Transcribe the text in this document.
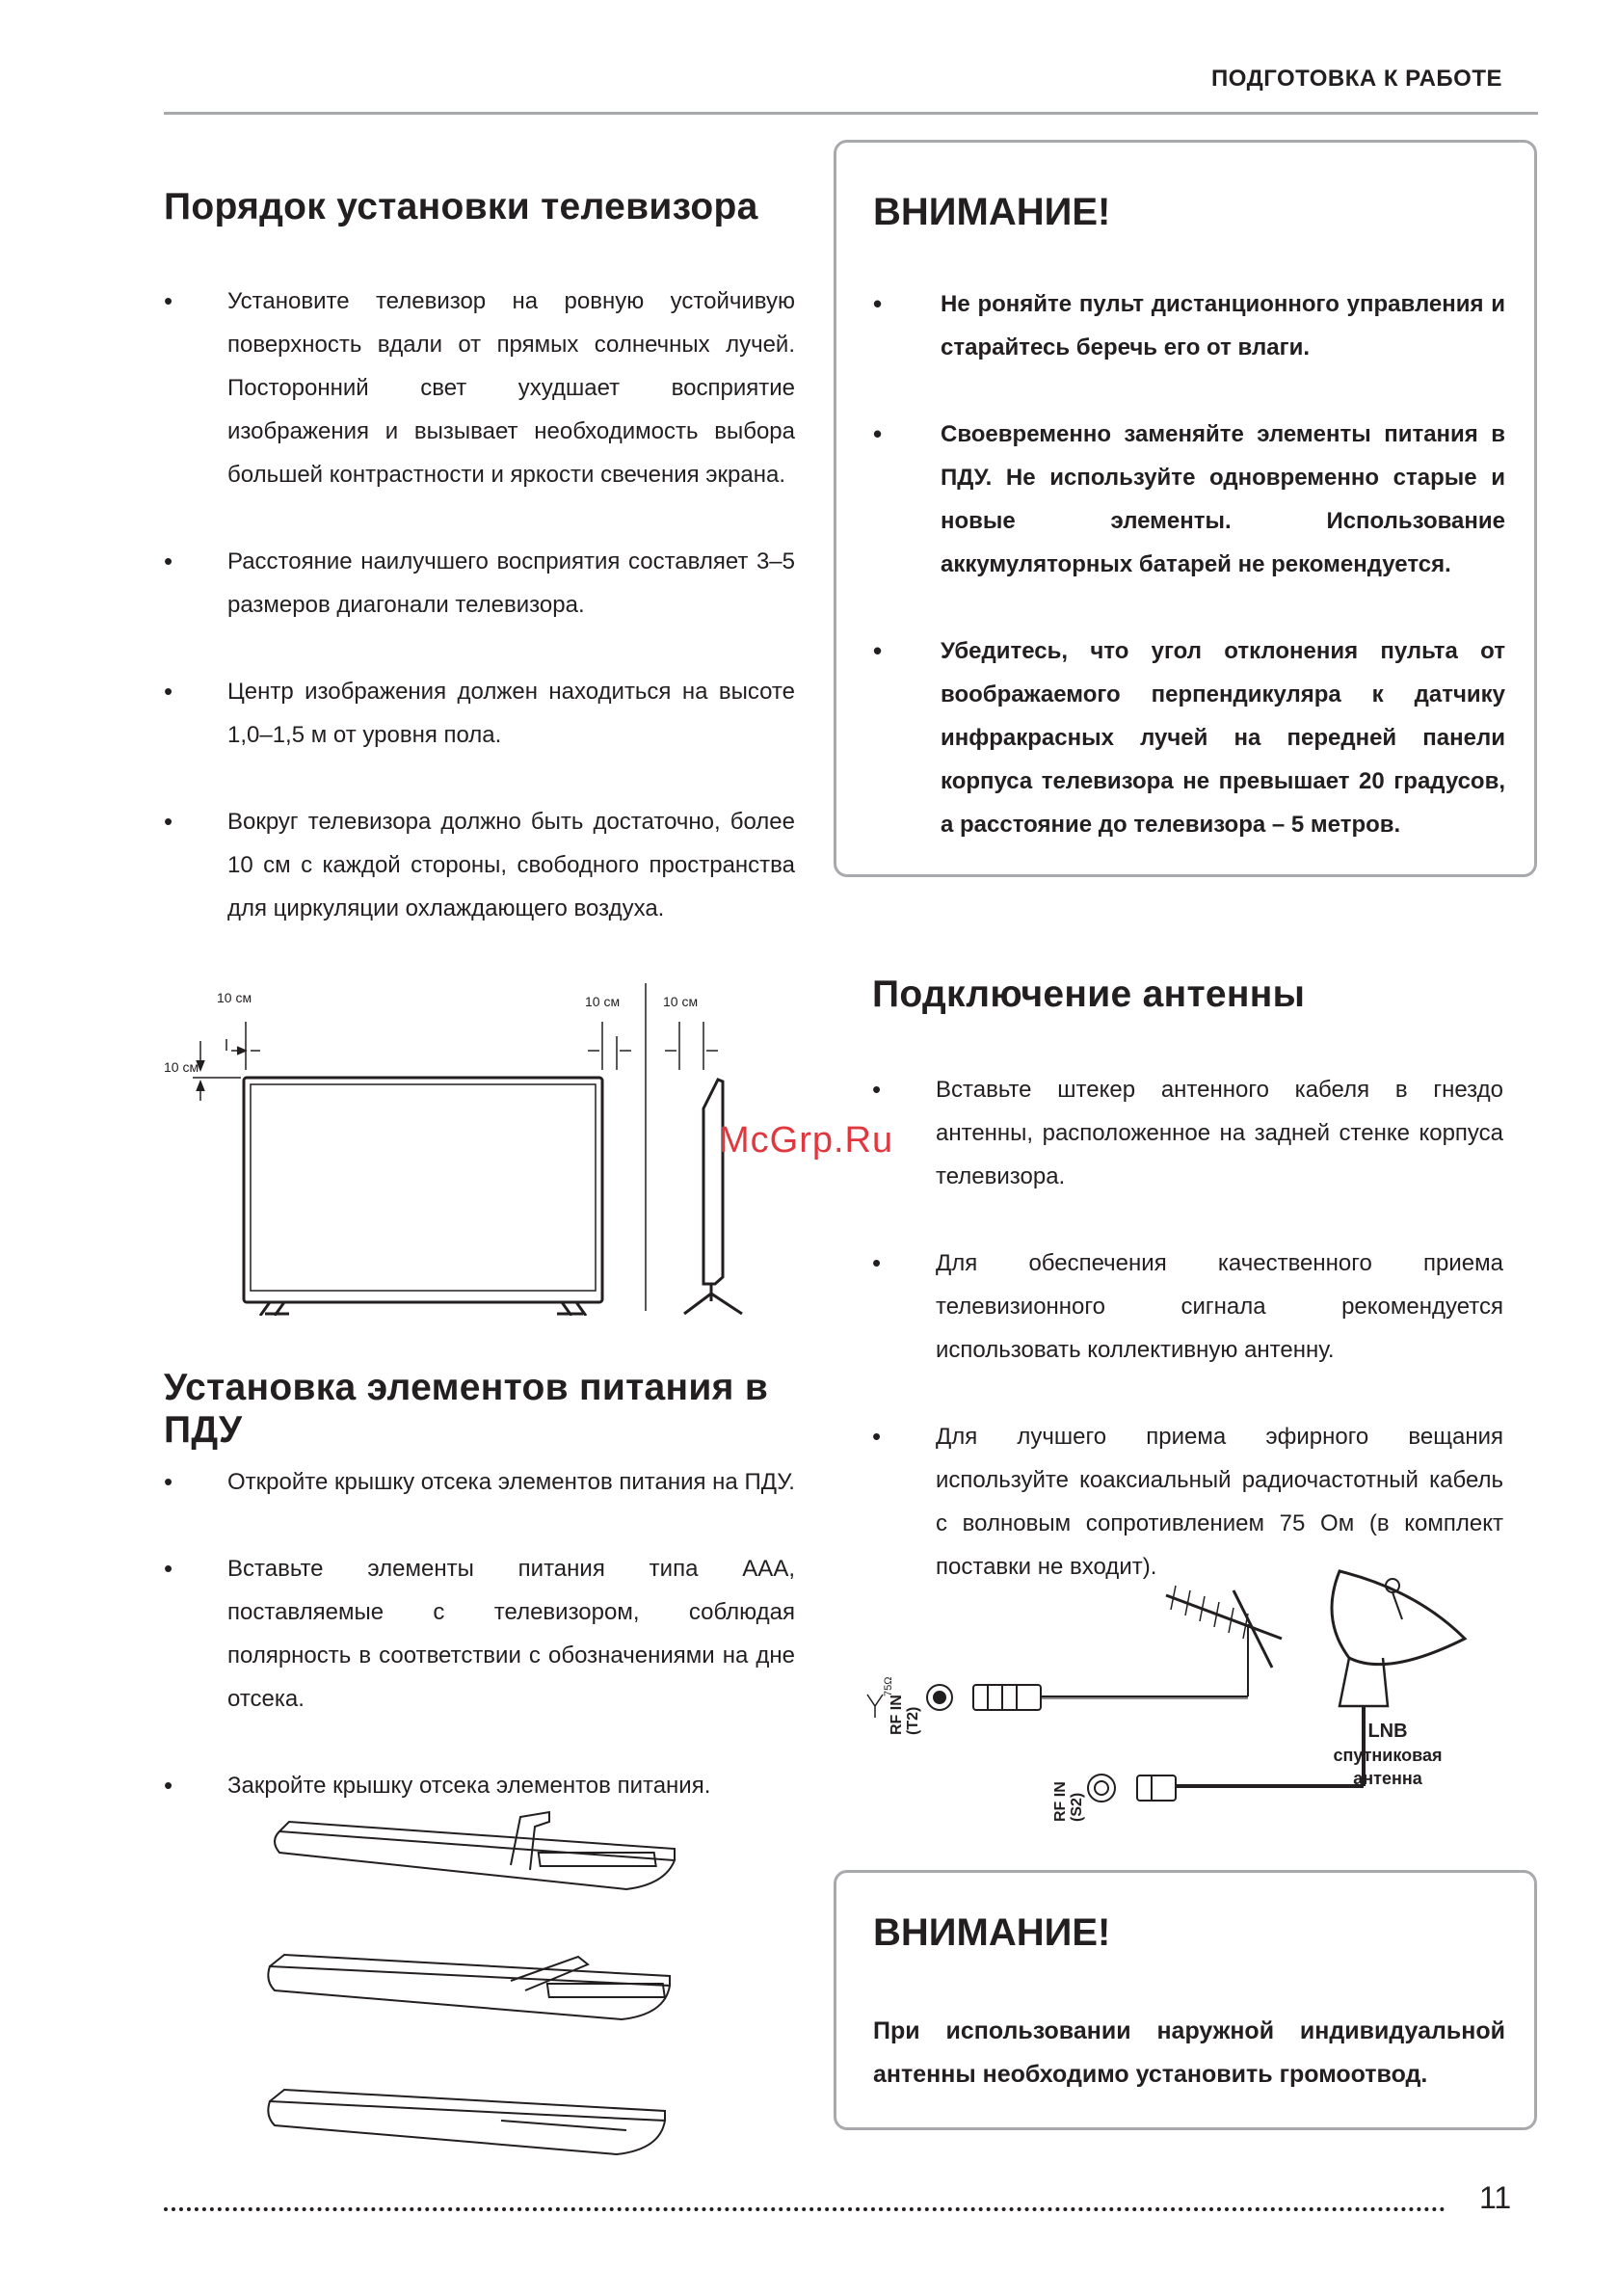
ПОДГОТОВКА К РАБОТЕ
Порядок установки телевизора
• Установите телевизор на ровную устойчивую поверхность вдали от прямых солнечных лучей. Посторонний свет ухудшает восприятие изображения и вызывает необходимость выбора большей контрастности и яркости свечения экрана.
• Расстояние наилучшего восприятия составляет 3–5 размеров диагонали телевизора.
• Центр изображения должен находиться на высоте 1,0–1,5 м от уровня пола.
• Вокруг телевизора должно быть достаточно, более 10 см с каждой стороны, свободного пространства для циркуляции охлаждающего воздуха.
10 см
10 см
10 см	10 см
McGrp.Ru
Установка элементов питания в ПДУ
• Откройте крышку отсека элементов питания на ПДУ.
• Вставьте элементы питания типа ААА, поставляемые с телевизором, соблюдая полярность в соответствии с обозначениями на дне отсека.
• Закройте крышку отсека элементов питания.
ВНИМАНИЕ!
• Не роняйте пульт дистанционного управления и старайтесь беречь его от влаги.
• Своевременно заменяйте элементы питания в ПДУ. Не используйте одновременно старые и новые элементы. Использование аккумуляторных батарей не рекомендуется.
• Убедитесь, что угол отклонения пульта от воображаемого перпендикуляра к датчику инфракрасных лучей на передней панели корпуса телевизора не превышает 20 градусов, а расстояние до телевизора – 5 метров.
Подключение антенны
• Вставьте штекер антенного кабеля в гнездо антенны, расположенное на задней стенке корпуса телевизора.
• Для обеспечения качественного приема телевизионного сигнала рекомендуется использовать коллективную антенну.
• Для лучшего приема эфирного вещания используйте коаксиальный радиочастотный кабель с волновым сопротивлением 75 Ом (в комплект поставки не входит).
RF IN (T2)
75Ω
RF IN (S2)
LNB
спутниковая
антенна
ВНИМАНИЕ!
При использовании наружной индивидуальной антенны необходимо установить громоотвод.
11
